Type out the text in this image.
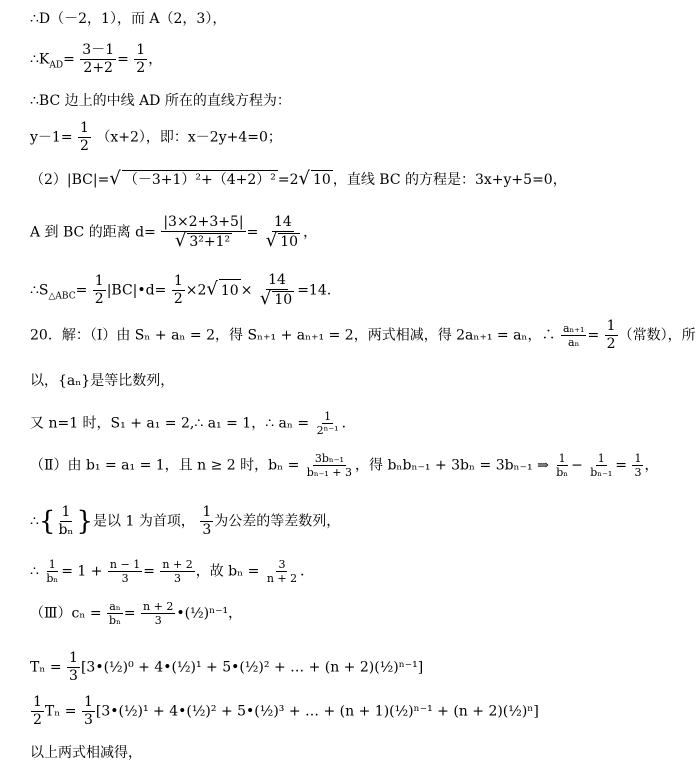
∴D（－2，1），而 A（2，3），
$\therefore K_{AD}= \frac{3-1}{2+2} = \frac{1}{2}$ ，
∴BC 边上的中线 AD 所在的直线方程为：
$y-1= \frac{1}{2} (x+2)$，即：x－2y+4=0；
（2）|BC|=√ （－3+1）²+（4+2）² =2√ 10 ，直线 BC 的方程是：3x+y+5=0，
A 到 BC 的距离 $d= \frac{|3\times 2+3+5|}{\text{√ 3²+1²}} = \frac{14}{√ 10}$ ，
$\therefore S_{\triangle ABC}= \frac{1}{2}$ |BC|•d= $\frac{1}{2} \times 2√$ $10 \times \frac{14}{√ 10} =14$.
20．解：（Ⅰ）由 Sₙ + aₙ = 2，得 Sₙ₊₁ + aₙ₊₁ = 2，两式相减，得 2aₙ₊₁ = aₙ，∴ $\frac{\text{aₙ₊₁}}{\text{aₙ}} = \frac{1}{2}$ （常数），所
以，{aₙ}是等比数列，
又 n=1 时，S₁ + a₁ = 2,∴ a₁ = 1，∴ $a_n = \frac{1}{\text{2ⁿ⁻¹}}$ ．
（Ⅱ）由 b₁ = a₁ = 1，且 n ≥ 2 时，$b_n = \frac{\text{3bₙ₋₁}}{\text{bₙ₋₁ + 3}}$ ，得 bₙbₙ₋₁ + 3bₙ = 3bₙ₋₁ ⇒ $\frac{1}{\text{bₙ}} - \frac{1}{\text{bₙ₋₁}} = \frac{1}{3}$ ，
∴{ $\frac{1}{\text{bₙ}}$ }是以 1 为首项， $\frac{1}{3}$ 为公差的等差数列，
∴ $\frac{1}{\text{bₙ}} = 1 + \frac{n - 1}{3} = \frac{n + 2}{3}$ ，故 $b_n = \frac{3}{n + 2}$ ．
（Ⅲ）cₙ = $\frac{\text{aₙ}}{\text{bₙ}} = \frac{n + 2}{3}$ •(½)ⁿ⁻¹，
$T_n = \frac{1}{3}$ [3•(½)⁰ + 4•(½)¹ + 5•(½)² + … + (n + 2)(½)ⁿ⁻¹]
$\frac{1}{2}$ $T_n = \frac{1}{3}$ [3•(½)¹ + 4•(½)² + 5•(½)³ + … + (n + 1)(½)ⁿ⁻¹ + (n + 2)(½)ⁿ]
以上两式相减得，
